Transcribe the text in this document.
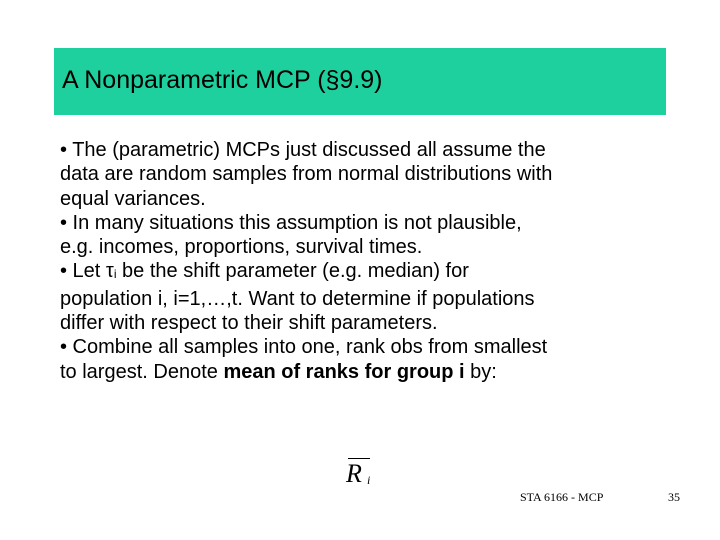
A Nonparametric MCP (§9.9)
• The (parametric) MCPs just discussed all assume the
data are random samples from normal distributions with
equal variances.
• In many situations this assumption is not plausible,
e.g. incomes, proportions, survival times.
• Let τi be the shift parameter (e.g. median) for
population i, i=1,…,t. Want to determine if populations
differ with respect to their shift parameters.
• Combine all samples into one, rank obs from smallest
to largest. Denote mean of ranks for group i by:
R i
STA 6166 - MCP	35
